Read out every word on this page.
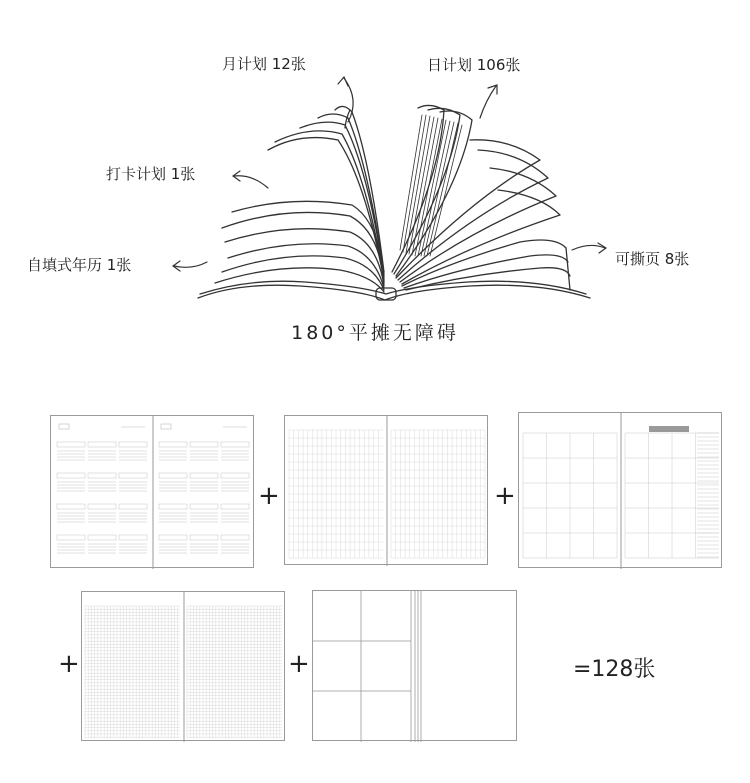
月计划 12张	日计划 106张
打卡计划 1张
自填式年历 1张	可撕页 8张
180°平摊无障碍
+	+
+	+	=128张
